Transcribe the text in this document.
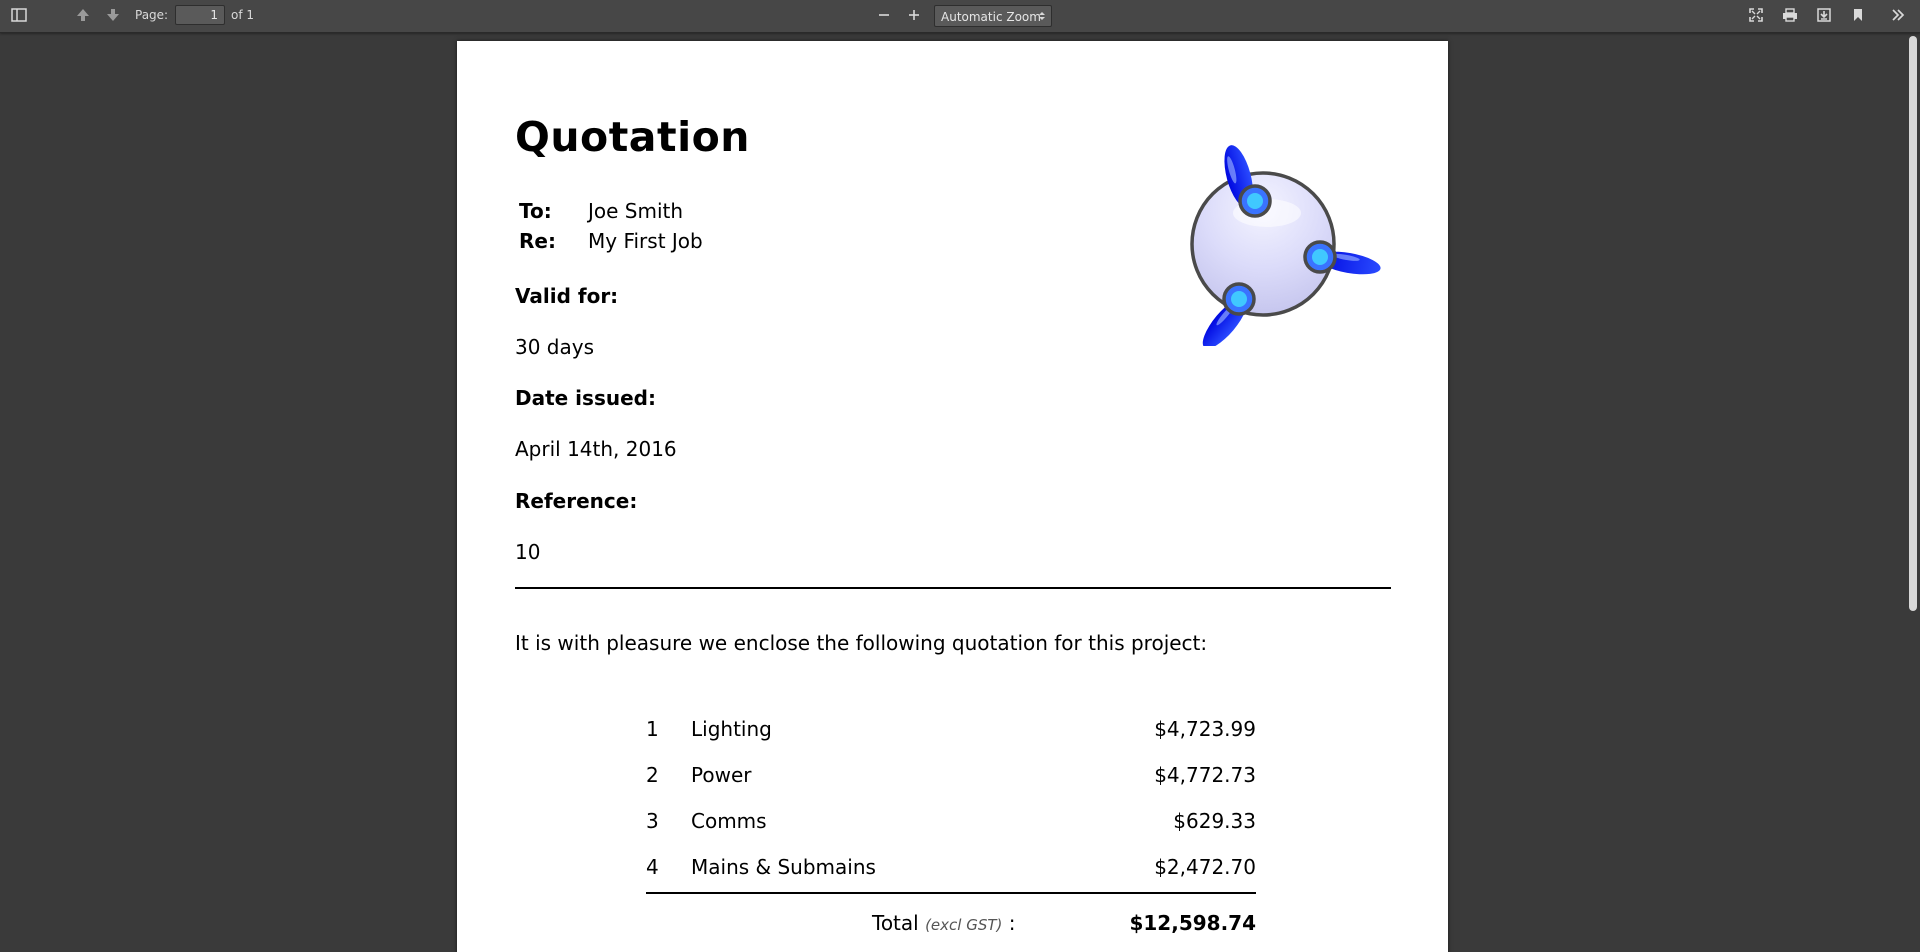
Page:
1	of 1	Automatic Zoom
Quotation
To: Joe Smith
Re: My First Job
Valid for:
30 days
Date issued:
April 14th, 2016
Reference:
10
It is with pleasure we enclose the following quotation for this project:
1 Lighting	$4,723.99
2 Power	$4,772.73
3 Comms	$629.33
4 Mains & Submains	$2,472.70
Total (excl GST) :	$12,598.74
